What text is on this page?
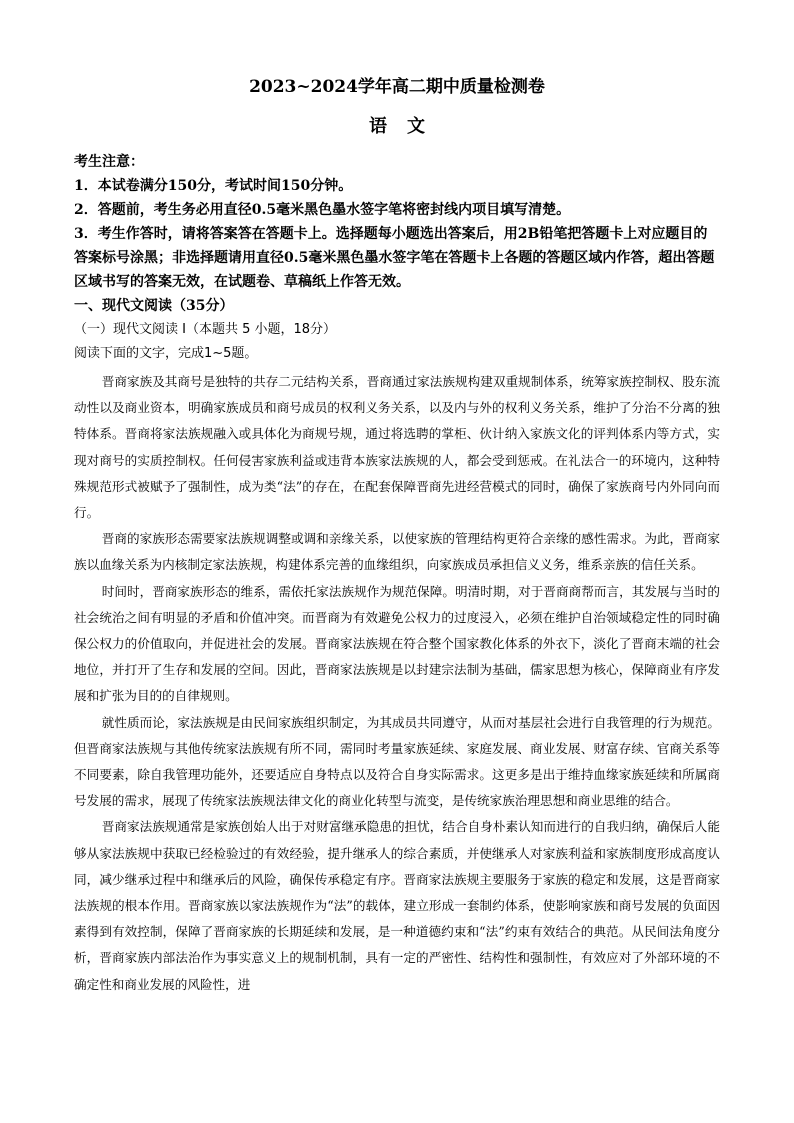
2023~2024学年高二期中质量检测卷
语文

考生注意：

1．本试卷满分150分，考试时间150分钟。

2．答题前，考生务必用直径0.5毫米黑色墨水签字笔将密封线内项目填写清楚。

3．考生作答时，请将答案答在答题卡上。选择题每小题选出答案后，用2B铅笔把答题卡上对应题目的答案标号涂黑；非选择题请用直径0.5毫米黑色墨水签字笔在答题卡上各题的答题区域内作答，超出答题区域书写的答案无效，在试题卷、草稿纸上作答无效。

一、现代文阅读（35分）

（一）现代文阅读 I（本题共 5 小题，18分）

阅读下面的文字，完成1~5题。

晋商家族及其商号是独特的共存二元结构关系，晋商通过家法族规构建双重规制体系，统筹家族控制权、股东流动性以及商业资本，明确家族成员和商号成员的权利义务关系，以及内与外的权利义务关系，维护了分治不分离的独特体系。晋商将家法族规融入或具体化为商规号规，通过将选聘的掌柜、伙计纳入家族文化的评判体系内等方式，实现对商号的实质控制权。任何侵害家族利益或违背本族家法族规的人，都会受到惩戒。在礼法合一的环境内，这种特殊规范形式被赋予了强制性，成为类“法”的存在，在配套保障晋商先进经营模式的同时，确保了家族商号内外同向而行。

晋商的家族形态需要家法族规调整或调和亲缘关系，以使家族的管理结构更符合亲缘的感性需求。为此，晋商家族以血缘关系为内核制定家法族规，构建体系完善的血缘组织，向家族成员承担信义义务，维系亲族的信任关系。

时间时，晋商家族形态的维系，需依托家法族规作为规范保障。明清时期，对于晋商商帮而言，其发展与当时的社会统治之间有明显的矛盾和价值冲突。而晋商为有效避免公权力的过度浸入，必须在维护自治领域稳定性的同时确保公权力的价值取向，并促进社会的发展。晋商家法族规在符合整个国家教化体系的外衣下，淡化了晋商末端的社会地位，并打开了生存和发展的空间。因此，晋商家法族规是以封建宗法制为基础，儒家思想为核心，保障商业有序发展和扩张为目的的自律规则。

就性质而论，家法族规是由民间家族组织制定，为其成员共同遵守，从而对基层社会进行自我管理的行为规范。但晋商家法族规与其他传统家法族规有所不同，需同时考量家族延续、家庭发展、商业发展、财富存续、官商关系等不同要素，除自我管理功能外，还要适应自身特点以及符合自身实际需求。这更多是出于维持血缘家族延续和所属商号发展的需求，展现了传统家法族规法律文化的商业化转型与流变，是传统家族治理思想和商业思维的结合。

晋商家法族规通常是家族创始人出于对财富继承隐患的担忧，结合自身朴素认知而进行的自我归纳，确保后人能够从家法族规中获取已经检验过的有效经验，提升继承人的综合素质，并使继承人对家族利益和家族制度形成高度认同，减少继承过程中和继承后的风险，确保传承稳定有序。晋商家法族规主要服务于家族的稳定和发展，这是晋商家法族规的根本作用。晋商家族以家法族规作为“法”的载体，建立形成一套制约体系，使影响家族和商号发展的负面因素得到有效控制，保障了晋商家族的长期延续和发展，是一种道德约束和“法”约束有效结合的典范。从民间法角度分析，晋商家族内部法治作为事实意义上的规制机制，具有一定的严密性、结构性和强制性，有效应对了外部环境的不确定性和商业发展的风险性，进
